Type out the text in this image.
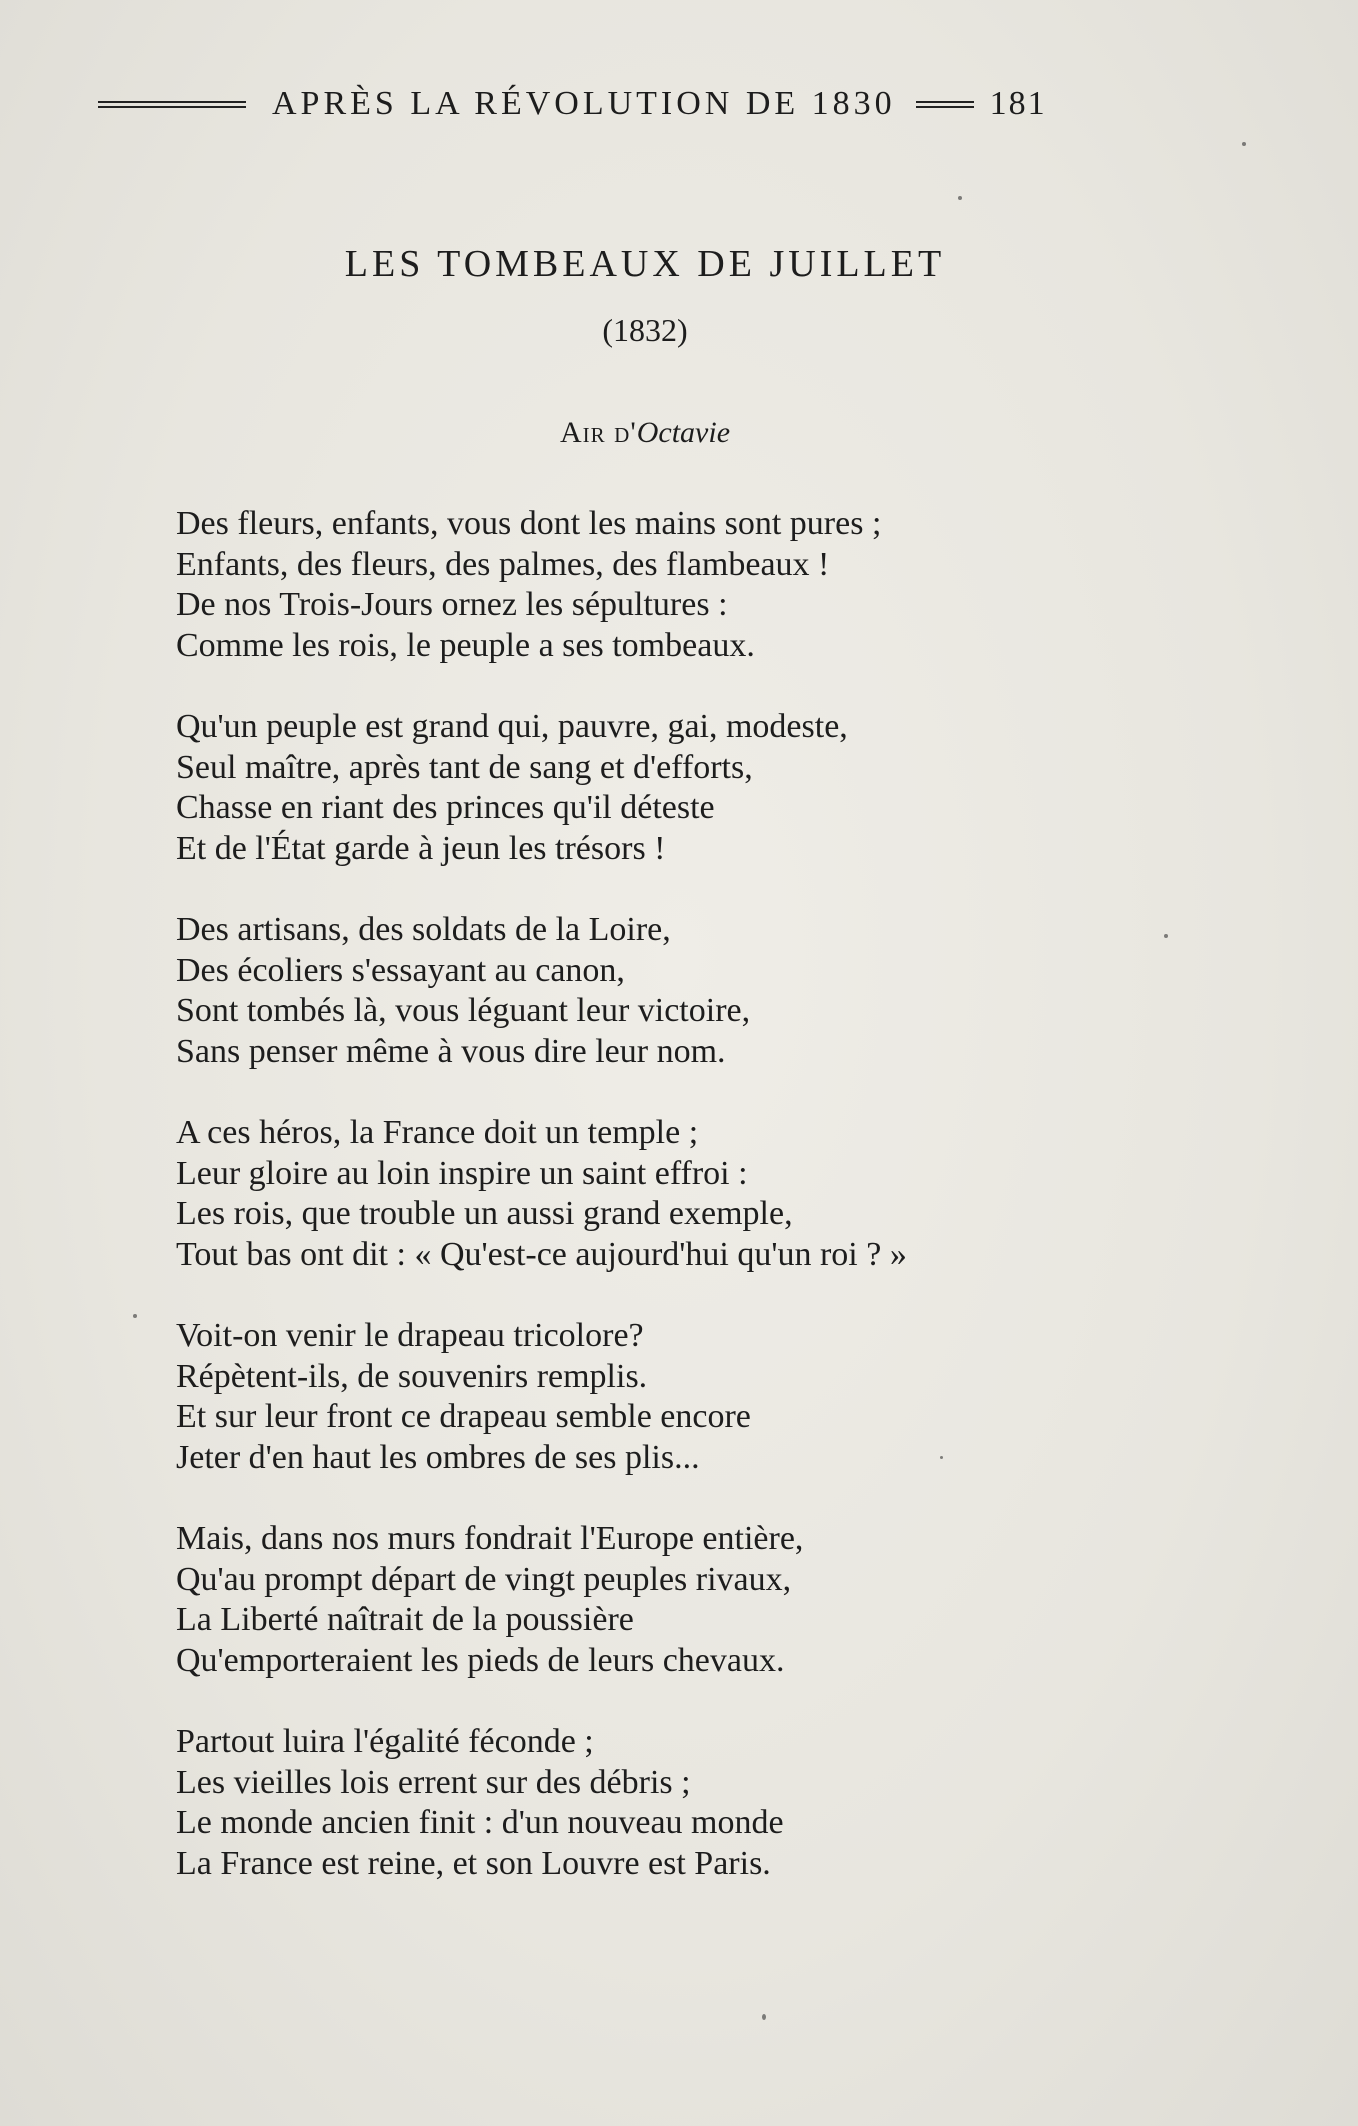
APRÈS LA RÉVOLUTION DE 1830	181
LES TOMBEAUX DE JUILLET

(1832)

Air d'Octavie
Des fleurs, enfants, vous dont les mains sont pures ;
Enfants, des fleurs, des palmes, des flambeaux !
De nos Trois-Jours ornez les sépultures :
Comme les rois, le peuple a ses tombeaux.
Qu'un peuple est grand qui, pauvre, gai, modeste,
Seul maître, après tant de sang et d'efforts,
Chasse en riant des princes qu'il déteste
Et de l'État garde à jeun les trésors !
Des artisans, des soldats de la Loire,
Des écoliers s'essayant au canon,
Sont tombés là, vous léguant leur victoire,
Sans penser même à vous dire leur nom.
A ces héros, la France doit un temple ;
Leur gloire au loin inspire un saint effroi :
Les rois, que trouble un aussi grand exemple,
Tout bas ont dit : « Qu'est-ce aujourd'hui qu'un roi ? »
Voit-on venir le drapeau tricolore?
Répètent-ils, de souvenirs remplis.
Et sur leur front ce drapeau semble encore
Jeter d'en haut les ombres de ses plis...
Mais, dans nos murs fondrait l'Europe entière,
Qu'au prompt départ de vingt peuples rivaux,
La Liberté naîtrait de la poussière
Qu'emporteraient les pieds de leurs chevaux.
Partout luira l'égalité féconde ;
Les vieilles lois errent sur des débris ;
Le monde ancien finit : d'un nouveau monde
La France est reine, et son Louvre est Paris.
